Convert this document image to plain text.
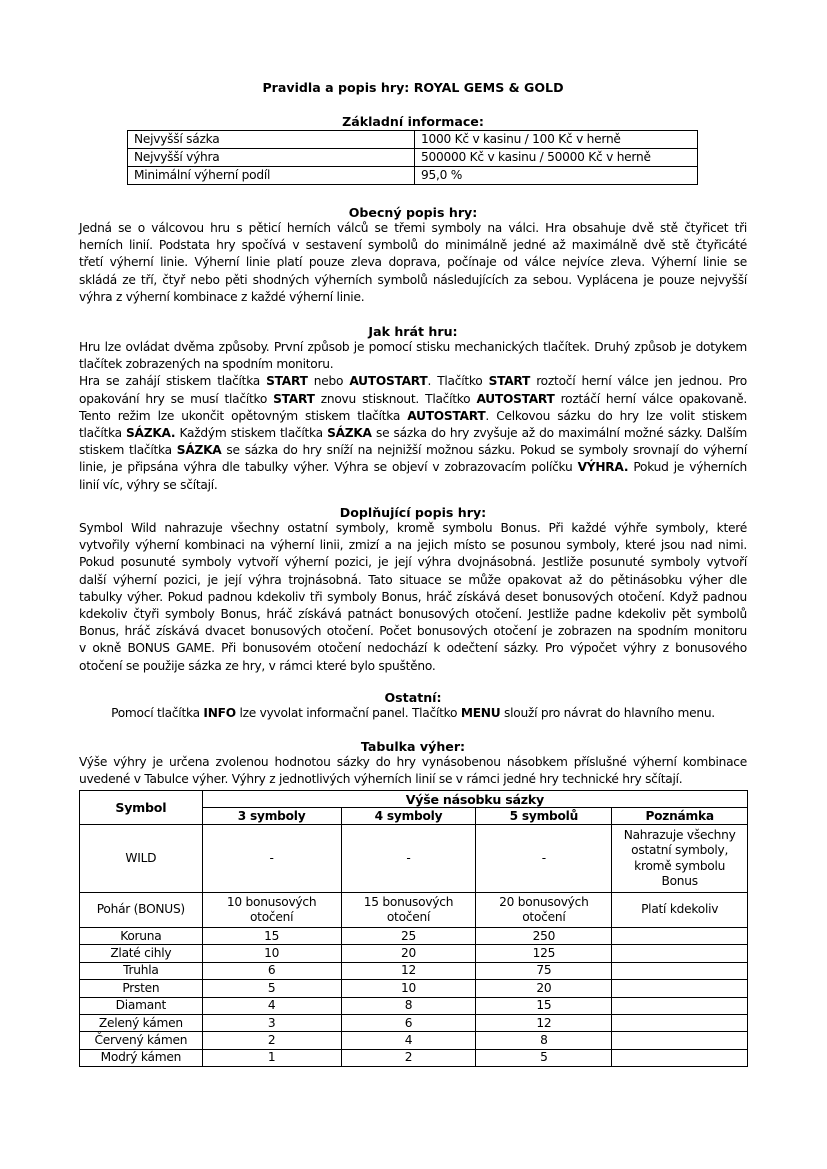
Pravidla a popis hry: ROYAL GEMS & GOLD
Základní informace:
Nejvyšší sázka	1000 Kč v kasinu / 100 Kč v herně
Nejvyšší výhra	500000 Kč v kasinu / 50000 Kč v herně
Minimální výherní podíl	95,0 %
Obecný popis hry:
Jedná se o válcovou hru s pěticí herních válců se třemi symboly na válci. Hra obsahuje dvě stě čtyřicet tři
herních linií. Podstata hry spočívá v sestavení symbolů do minimálně jedné až maximálně dvě stě čtyřicáté
třetí výherní linie. Výherní linie platí pouze zleva doprava, počínaje od válce nejvíce zleva. Výherní linie se
skládá ze tří, čtyř nebo pěti shodných výherních symbolů následujících za sebou. Vyplácena je pouze nejvyšší
výhra z výherní kombinace z každé výherní linie.
Jak hrát hru:
Hru lze ovládat dvěma způsoby. První způsob je pomocí stisku mechanických tlačítek. Druhý způsob je dotykem
tlačítek zobrazených na spodním monitoru.
Hra se zahájí stiskem tlačítka START nebo AUTOSTART. Tlačítko START roztočí herní válce jen jednou. Pro
opakování hry se musí tlačítko START znovu stisknout. Tlačítko AUTOSTART roztáčí herní válce opakovaně.
Tento režim lze ukončit opětovným stiskem tlačítka AUTOSTART. Celkovou sázku do hry lze volit stiskem
tlačítka SÁZKA. Každým stiskem tlačítka SÁZKA se sázka do hry zvyšuje až do maximální možné sázky. Dalším
stiskem tlačítka SÁZKA se sázka do hry sníží na nejnižší možnou sázku. Pokud se symboly srovnají do výherní
linie, je připsána výhra dle tabulky výher. Výhra se objeví v zobrazovacím políčku VÝHRA. Pokud je výherních
linií víc, výhry se sčítají.
Doplňující popis hry:
Symbol Wild nahrazuje všechny ostatní symboly, kromě symbolu Bonus. Při každé výhře symboly, které
vytvořily výherní kombinaci na výherní linii, zmizí a na jejich místo se posunou symboly, které jsou nad nimi.
Pokud posunuté symboly vytvoří výherní pozici, je její výhra dvojnásobná. Jestliže posunuté symboly vytvoří
další výherní pozici, je její výhra trojnásobná. Tato situace se může opakovat až do pětinásobku výher dle
tabulky výher. Pokud padnou kdekoliv tři symboly Bonus, hráč získává deset bonusových otočení. Když padnou
kdekoliv čtyři symboly Bonus, hráč získává patnáct bonusových otočení. Jestliže padne kdekoliv pět symbolů
Bonus, hráč získává dvacet bonusových otočení. Počet bonusových otočení je zobrazen na spodním monitoru
v okně BONUS GAME. Při bonusovém otočení nedochází k odečtení sázky. Pro výpočet výhry z bonusového
otočení se použije sázka ze hry, v rámci které bylo spuštěno.
Ostatní:
Pomocí tlačítka INFO lze vyvolat informační panel. Tlačítko MENU slouží pro návrat do hlavního menu.
Tabulka výher:
Výše výhry je určena zvolenou hodnotou sázky do hry vynásobenou násobkem příslušné výherní kombinace
uvedené v Tabulce výher. Výhry z jednotlivých výherních linií se v rámci jedné hry technické hry sčítají.
Symbol	Výše násobku sázky			
	3 symboly	4 symboly	5 symbolů	Poznámka
WILD	-	-	-	Nahrazuje všechny ostatní symboly, kromě symbolu Bonus
Pohár (BONUS)	10 bonusových otočení	15 bonusových otočení	20 bonusových otočení	Platí kdekoliv
Koruna	15	25	250	
Zlaté cihly	10	20	125	
Truhla	6	12	75	
Prsten	5	10	20	
Diamant	4	8	15	
Zelený kámen	3	6	12	
Červený kámen	2	4	8	
Modrý kámen	1	2	5	
